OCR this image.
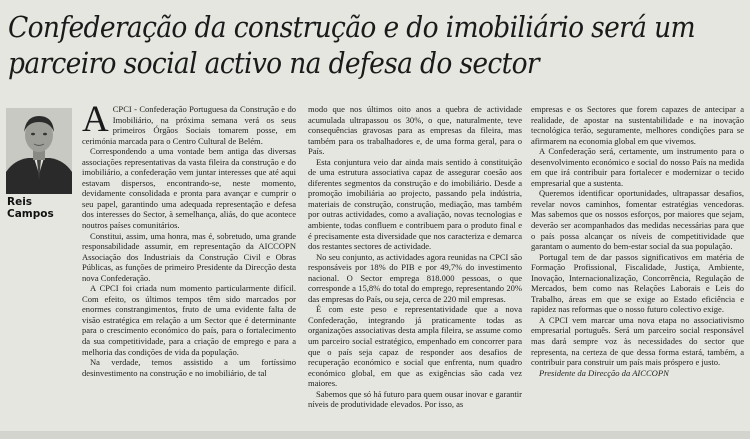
Confederação da construção e do imobiliário será um
parceiro social activo na defesa do sector
Reis Campos
A CPCI - Confederação Portuguesa da Construção e do Imobiliário, na próxima semana verá os seus primeiros Órgãos Sociais tomarem posse, em cerimónia marcada para o Centro Cultural de Belém.

Correspondendo a uma vontade bem antiga das diversas associações representativas da vasta fileira da construção e do imobiliário, a confederação vem juntar interesses que até aqui estavam dispersos, encontrando-se, neste momento, devidamente consolidada e pronta para avançar e cumprir o seu papel, garantindo uma adequada representação e defesa dos interesses do Sector, à semelhança, aliás, do que acontece noutros países comunitários.

Constitui, assim, uma honra, mas é, sobretudo, uma grande responsabilidade assumir, em representação da AICCOPN Associação dos Industriais da Construção Civil e Obras Públicas, as funções de primeiro Presidente da Direcção desta nova Confederação.

A CPCI foi criada num momento particularmente difícil. Com efeito, os últimos tempos têm sido marcados por enormes constrangimentos, fruto de uma evidente falta de visão estratégica em relação a um Sector que é determinante para o crescimento económico do país, para o fortalecimento da sua competitividade, para a criação de emprego e para a melhoria das condições de vida da população.

Na verdade, temos assistido a um fortíssimo desinvestimento na construção e no imobiliário, de tal

modo que nos últimos oito anos a quebra de actividade acumulada ultrapassou os 30%, o que, naturalmente, teve consequências gravosas para as empresas da fileira, mas também para os trabalhadores e, de uma forma geral, para o País.

Esta conjuntura veio dar ainda mais sentido à constituição de uma estrutura associativa capaz de assegurar coesão aos diferentes segmentos da construção e do imobiliário. Desde a promoção imobiliária ao projecto, passando pela indústria, materiais de construção, construção, mediação, mas também por outras actividades, como a avaliação, novas tecnologias e ambiente, todas confluem e contribuem para o produto final e é precisamente esta diversidade que nos caracteriza e demarca dos restantes sectores de actividade.

No seu conjunto, as actividades agora reunidas na CPCI são responsáveis por 18% do PIB e por 49,7% do investimento nacional. O Sector emprega 818.000 pessoas, o que corresponde a 15,8% do total do emprego, representando 20% das empresas do País, ou seja, cerca de 220 mil empresas.

É com este peso e representatividade que a nova Confederação, integrando já praticamente todas as organizações associativas desta ampla fileira, se assume como um parceiro social estratégico, empenhado em concorrer para que o país seja capaz de responder aos desafios de recuperação económico e social que enfrenta, num quadro económico global, em que as exigências são cada vez maiores.

Sabemos que só há futuro para quem ousar inovar e garantir níveis de produtividade elevados. Por isso, as

empresas e os Sectores que forem capazes de antecipar a realidade, de apostar na sustentabilidade e na inovação tecnológica terão, seguramente, melhores condições para se afirmarem na economia global em que vivemos.

A Confederação será, certamente, um instrumento para o desenvolvimento económico e social do nosso País na medida em que irá contribuir para fortalecer e modernizar o tecido empresarial que a sustenta.

Queremos identificar oportunidades, ultrapassar desafios, revelar novos caminhos, fomentar estratégias vencedoras. Mas sabemos que os nossos esforços, por maiores que sejam, deverão ser acompanhados das medidas necessárias para que o país possa alcançar os níveis de competitividade que garantam o aumento do bem-estar social da sua população.

Portugal tem de dar passos significativos em matéria de Formação Profissional, Fiscalidade, Justiça, Ambiente, Inovação, Internacionalização, Concorrência, Regulação de Mercados, bem como nas Relações Laborais e Leis do Trabalho, áreas em que se exige ao Estado eficiência e rapidez nas reformas que o nosso futuro colectivo exige.

A CPCI vem marcar uma nova etapa no associativismo empresarial português. Será um parceiro social responsável mas dará sempre voz às necessidades do sector que representa, na certeza de que dessa forma estará, também, a contribuir para construir um país mais próspero e justo.

Presidente da Direcção da AICCOPN
